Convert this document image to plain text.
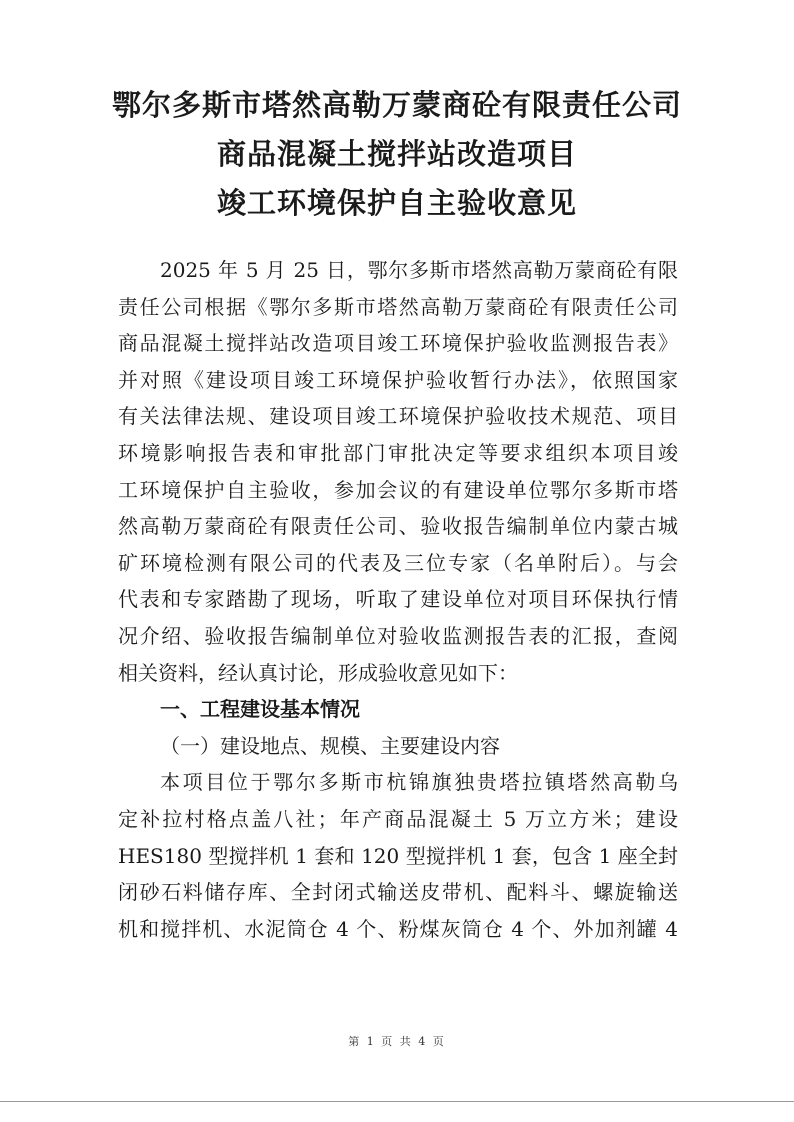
鄂尔多斯市塔然高勒万蒙商砼有限责任公司
商品混凝土搅拌站改造项目
竣工环境保护自主验收意见
2025 年 5 月 25 日，鄂尔多斯市塔然高勒万蒙商砼有限
责任公司根据《鄂尔多斯市塔然高勒万蒙商砼有限责任公司
商品混凝土搅拌站改造项目竣工环境保护验收监测报告表》
并对照《建设项目竣工环境保护验收暂行办法》，依照国家
有关法律法规、建设项目竣工环境保护验收技术规范、项目
环境影响报告表和审批部门审批决定等要求组织本项目竣
工环境保护自主验收，参加会议的有建设单位鄂尔多斯市塔
然高勒万蒙商砼有限责任公司、验收报告编制单位内蒙古城
矿环境检测有限公司的代表及三位专家（名单附后）。与会
代表和专家踏勘了现场，听取了建设单位对项目环保执行情
况介绍、验收报告编制单位对验收监测报告表的汇报，查阅
相关资料，经认真讨论，形成验收意见如下：
一、工程建设基本情况
（一）建设地点、规模、主要建设内容
本项目位于鄂尔多斯市杭锦旗独贵塔拉镇塔然高勒乌
定补拉村格点盖八社；年产商品混凝土 5 万立方米；建设
HES180 型搅拌机 1 套和 120 型搅拌机 1 套，包含 1 座全封
闭砂石料储存库、全封闭式输送皮带机、配料斗、螺旋输送
机和搅拌机、水泥筒仓 4 个、粉煤灰筒仓 4 个、外加剂罐 4
第 1 页 共 4 页
